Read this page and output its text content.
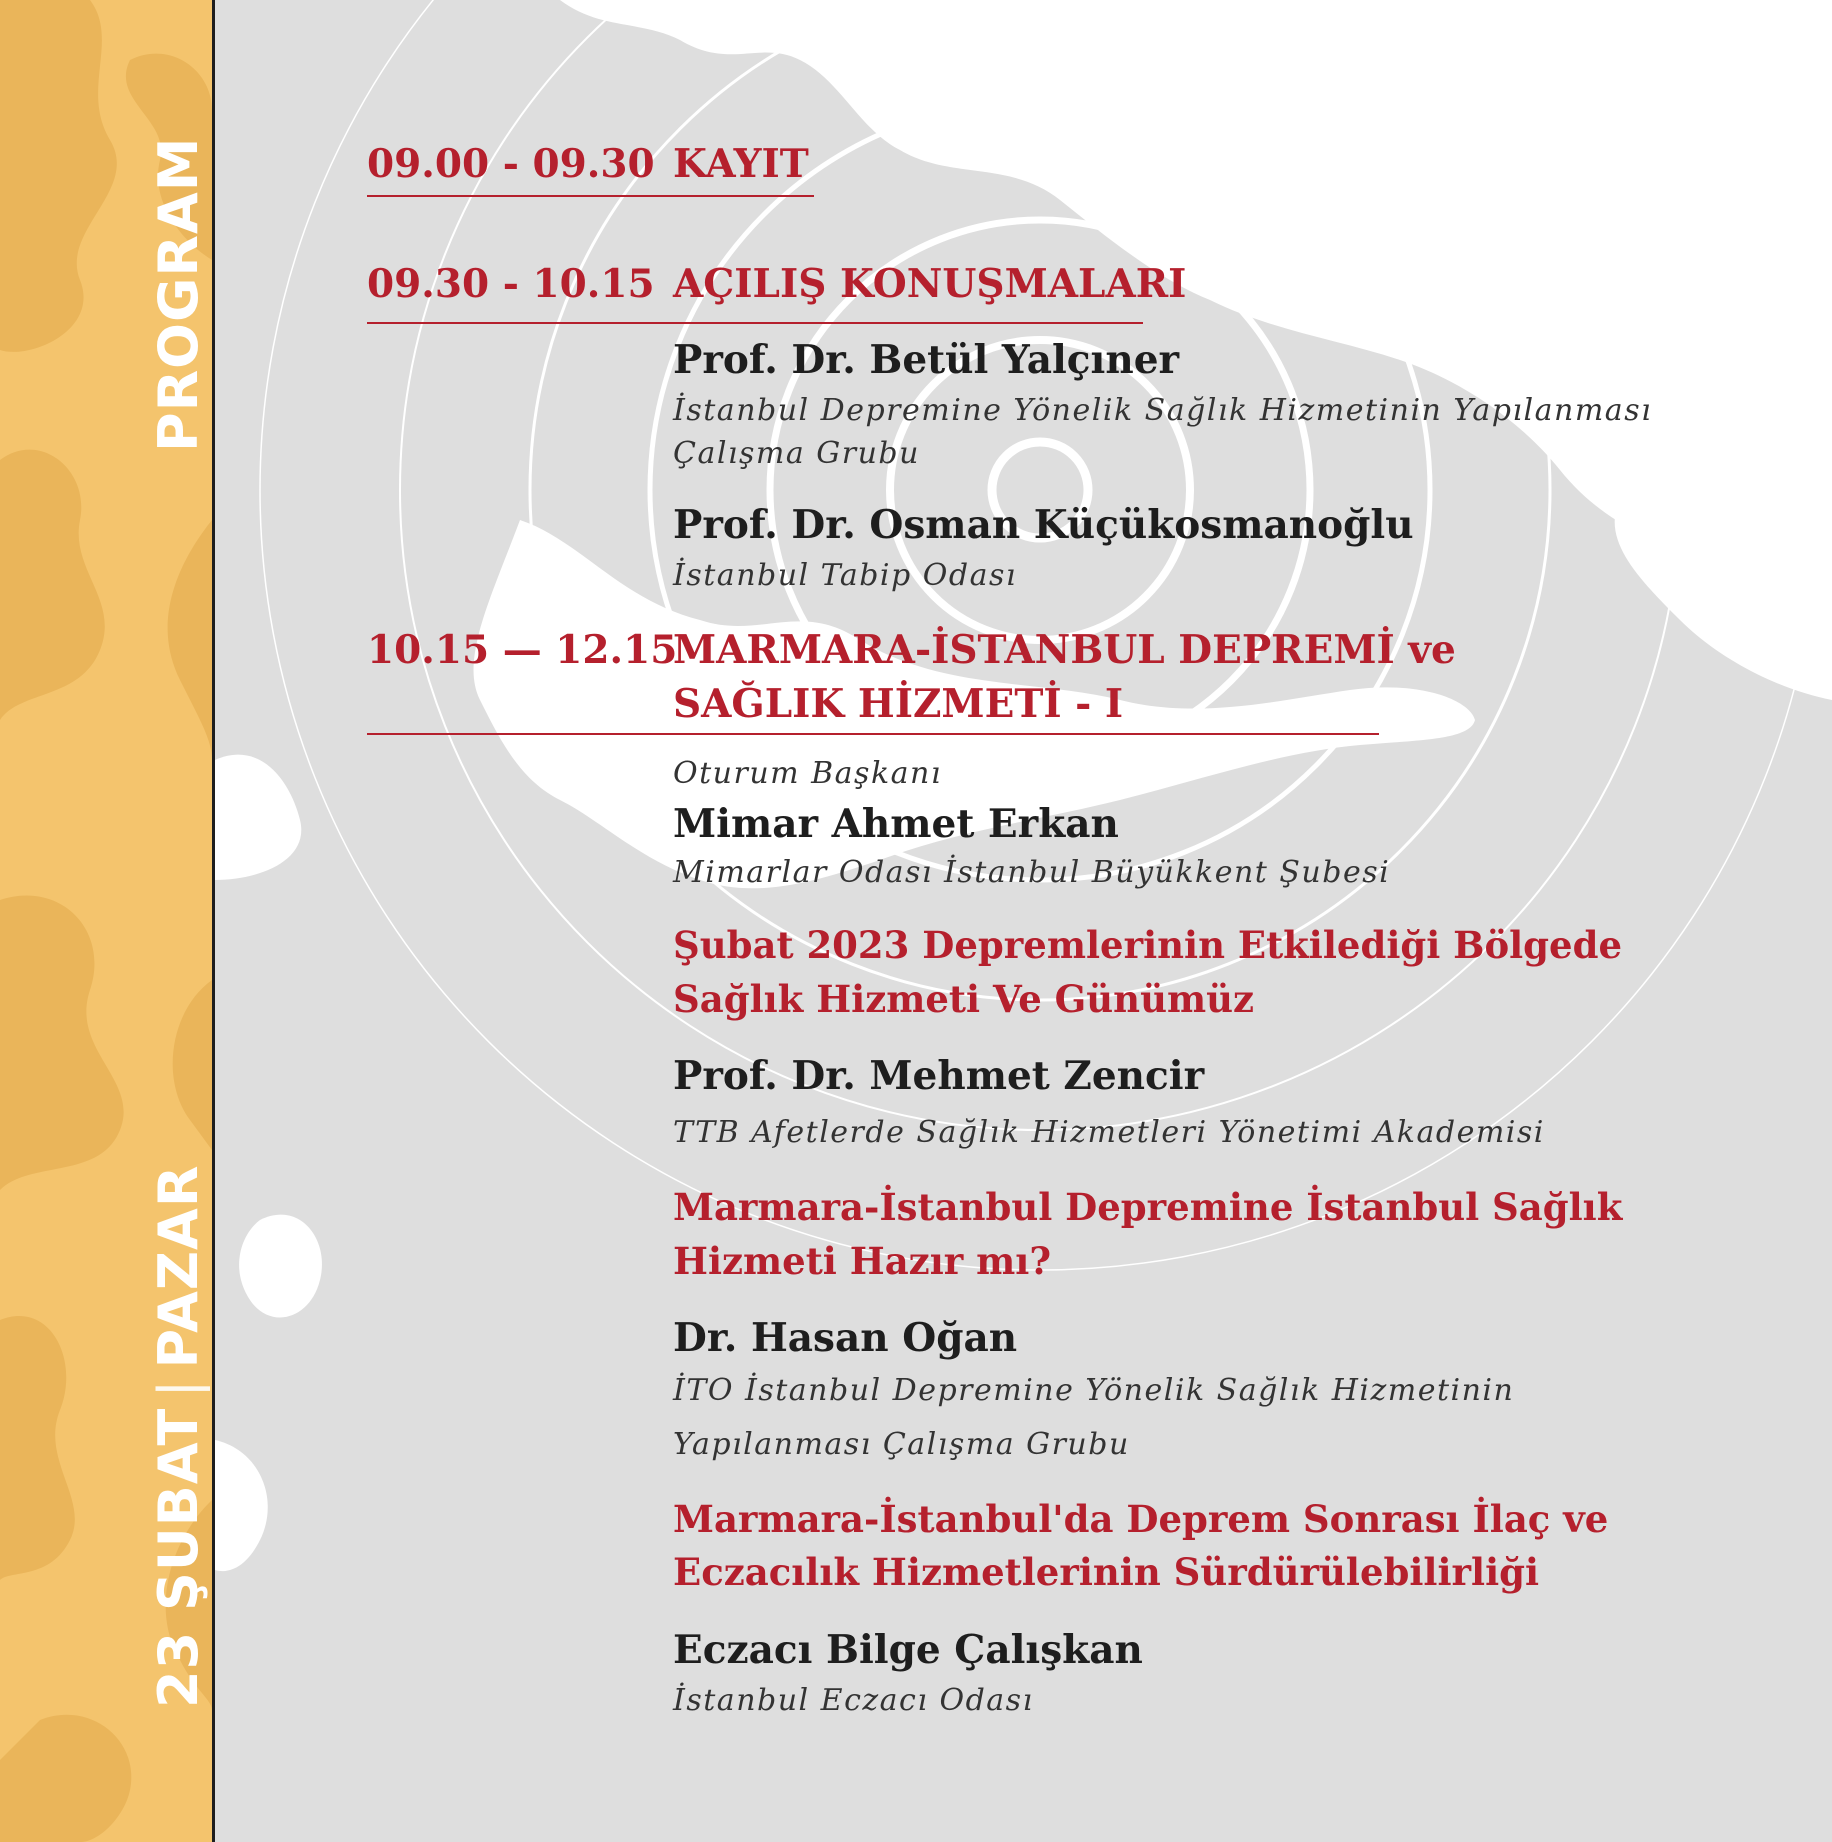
PROGRAM
23 ŞUBAT|PAZAR
09.00 - 09.30 KAYIT
09.30 - 10.15 AÇILIŞ KONUŞMALARI
Prof. Dr. Betül Yalçıner
İstanbul Depremine Yönelik Sağlık Hizmetinin Yapılanması
Çalışma Grubu
Prof. Dr. Osman Küçükosmanoğlu
İstanbul Tabip Odası
10.15 — 12.15
MARMARA-İSTANBUL DEPREMİ ve
SAĞLIK HİZMETİ - I
Oturum Başkanı
Mimar Ahmet Erkan
Mimarlar Odası İstanbul Büyükkent Şubesi
Şubat 2023 Depremlerinin Etkilediği Bölgede
Sağlık Hizmeti Ve Günümüz
Prof. Dr. Mehmet Zencir
TTB Afetlerde Sağlık Hizmetleri Yönetimi Akademisi
Marmara-İstanbul Depremine İstanbul Sağlık
Hizmeti Hazır mı?
Dr. Hasan Oğan
İTO İstanbul Depremine Yönelik Sağlık Hizmetinin
Yapılanması Çalışma Grubu
Marmara-İstanbul'da Deprem Sonrası İlaç ve
Eczacılık Hizmetlerinin Sürdürülebilirliği
Eczacı Bilge Çalışkan
İstanbul Eczacı Odası
